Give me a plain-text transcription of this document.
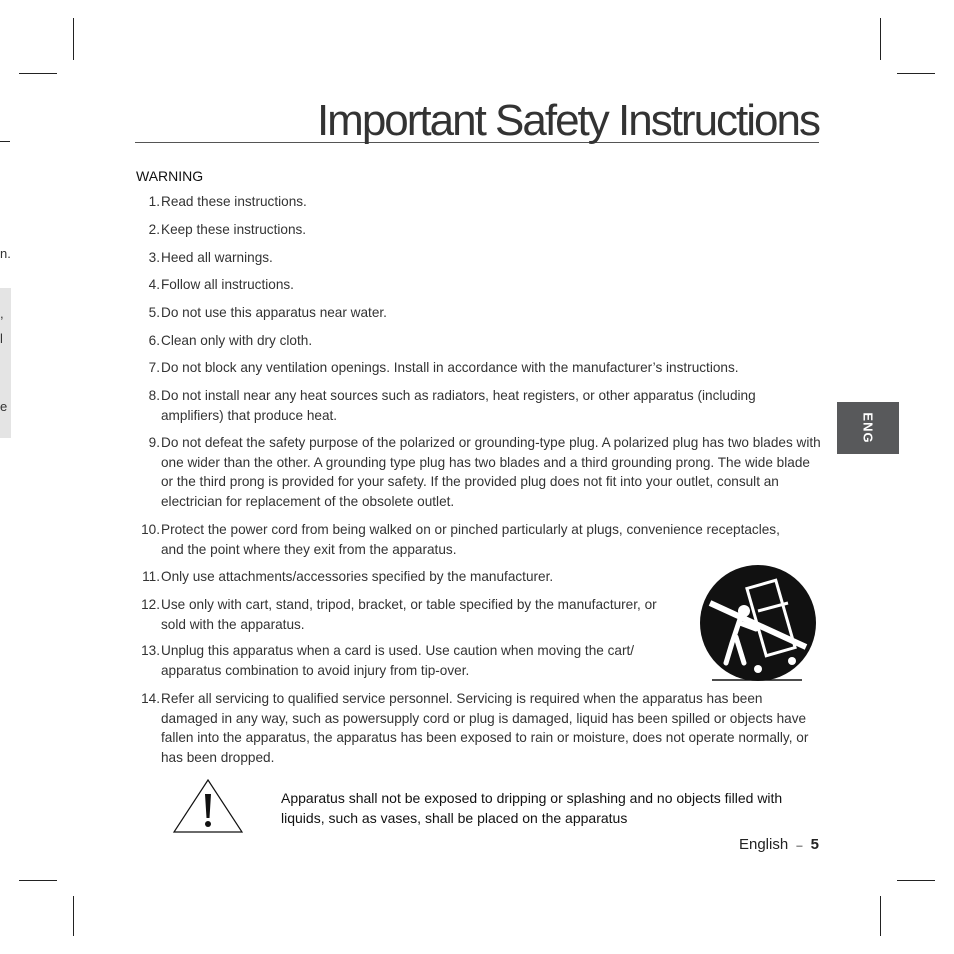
n.
,
l
e
Important Safety Instructions
WARNING
1. Read these instructions.
2. Keep these instructions.
3. Heed all warnings.
4. Follow all instructions.
5. Do not use this apparatus near water.
6. Clean only with dry cloth.
7. Do not block any ventilation openings. Install in accordance with the manufacturer’s instructions.
8. Do not install near any heat sources such as radiators, heat registers, or other apparatus (including amplifiers) that produce heat.
9. Do not defeat the safety purpose of the polarized or grounding-type plug. A polarized plug has two blades with one wider than the other. A grounding type plug has two blades and a third grounding prong. The wide blade or the third prong is provided for your safety. If the provided plug does not fit into your outlet, consult an electrician for replacement of the obsolete outlet.
10. Protect the power cord from being walked on or pinched particularly at plugs, convenience receptacles, and the point where they exit from the apparatus.
11. Only use attachments/accessories specified by the manufacturer.
12. Use only with cart, stand, tripod, bracket, or table specified by the manufacturer, or sold with the apparatus.
13. Unplug this apparatus when a card is used. Use caution when moving the cart/ apparatus combination to avoid injury from tip-over.
14. Refer all servicing to qualified service personnel. Servicing is required when the apparatus has been damaged in any way, such as powersupply cord or plug is damaged, liquid has been spilled or objects have fallen into the apparatus, the apparatus has been exposed to rain or moisture, does not operate normally, or has been dropped.
ENG
Apparatus shall not be exposed to dripping or splashing and no objects filled with liquids, such as vases, shall be placed on the apparatus
English – 5
